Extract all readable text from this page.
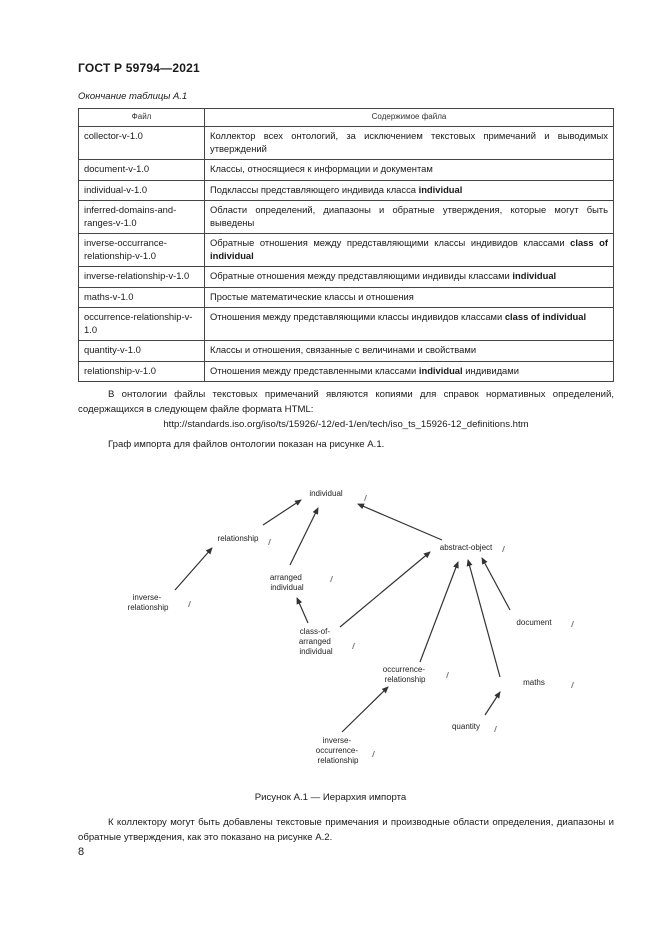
ГОСТ Р 59794—2021
Окончание таблицы А.1
Файл	Содержимое файла
collector-v-1.0	Коллектор всех онтологий, за исключением текстовых примечаний и выводимых утверждений
document-v-1.0	Классы, относящиеся к информации и документам
individual-v-1.0	Подклассы представляющего индивида класса individual
inferred-domains-and-ranges-v-1.0	Области определений, диапазоны и обратные утверждения, которые могут быть выведены
inverse-occurrance-relationship-v-1.0	Обратные отношения между представляющими классы индивидов классами class of individual
inverse-relationship-v-1.0	Обратные отношения между представляющими индивиды классами individual
maths-v-1.0	Простые математические классы и отношения
occurrence-relationship-v-1.0	Отношения между представляющими классы индивидов классами class of individual
quantity-v-1.0	Классы и отношения, связанные с величинами и свойствами
relationship-v-1.0	Отношения между представленными классами individual индивидами
В онтологии файлы текстовых примечаний являются копиями для справок нормативных определений, содержащихся в следующем файле формата HTML:
http://standards.iso.org/iso/ts/15926/-12/ed-1/en/tech/iso_ts_15926-12_definitions.htm
Граф импорта для файлов онтологии показан на рисунке А.1.
individual
relationship
abstract-object
arranged individual
inverse- relationship
class-of- arranged individual
document
occurrence- relationship	maths
quantity
inverse- occurrence- relationship
Рисунок А.1 — Иерархия импорта
К коллектору могут быть добавлены текстовые примечания и производные области определения, диапазоны и обратные утверждения, как это показано на рисунке А.2.
8
